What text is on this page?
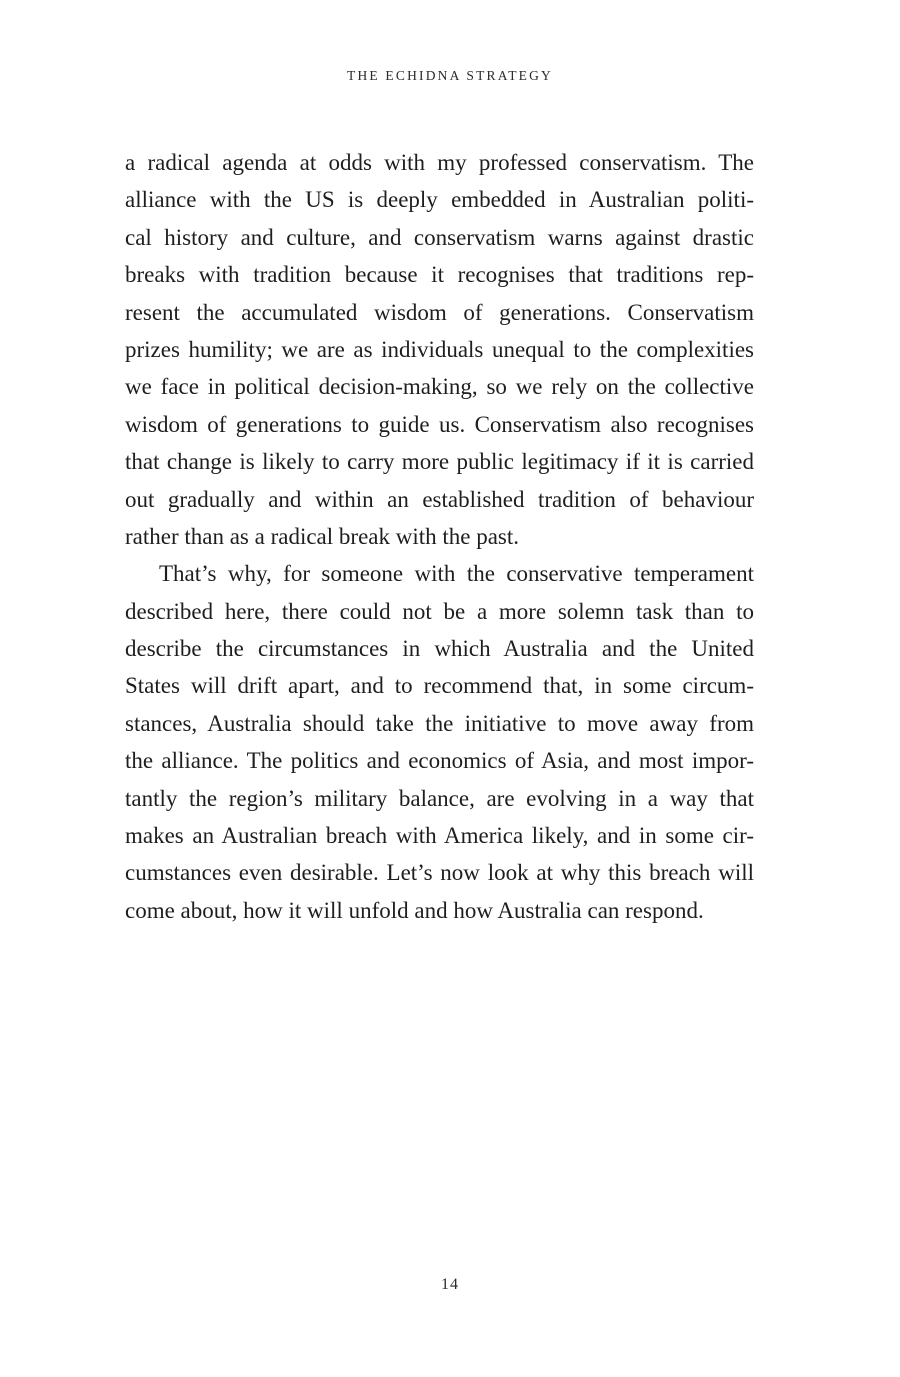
THE ECHIDNA STRATEGY
a radical agenda at odds with my professed conservatism. The
alliance with the US is deeply embedded in Australian politi-
cal history and culture, and conservatism warns against drastic
breaks with tradition because it recognises that traditions rep-
resent the accumulated wisdom of generations. Conservatism
prizes humility; we are as individuals unequal to the complexities
we face in political decision-making, so we rely on the collective
wisdom of generations to guide us. Conservatism also recognises
that change is likely to carry more public legitimacy if it is carried
out gradually and within an established tradition of behaviour
rather than as a radical break with the past.
That’s why, for someone with the conservative temperament
described here, there could not be a more solemn task than to
describe the circumstances in which Australia and the United
States will drift apart, and to recommend that, in some circum-
stances, Australia should take the initiative to move away from
the alliance. The politics and economics of Asia, and most impor-
tantly the region’s military balance, are evolving in a way that
makes an Australian breach with America likely, and in some cir-
cumstances even desirable. Let’s now look at why this breach will
come about, how it will unfold and how Australia can respond.
14
